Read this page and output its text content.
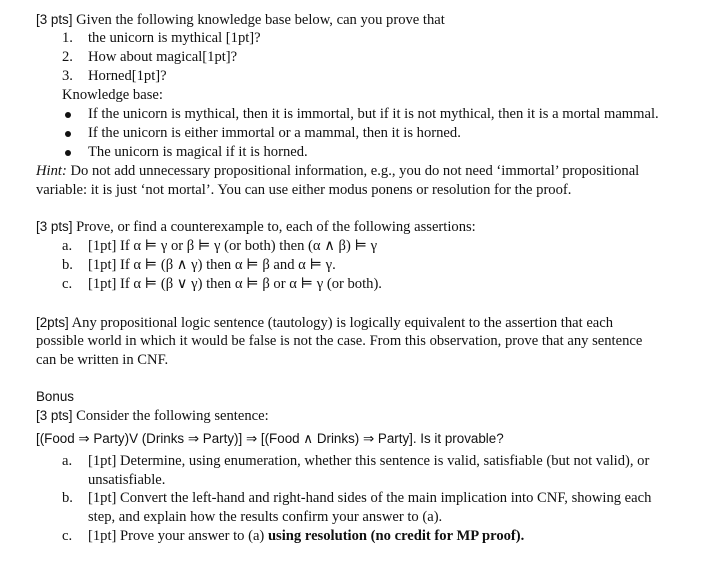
[3 pts] Given the following knowledge base below, can you prove that
1. the unicorn is mythical [1pt]?
2. How about magical[1pt]?
3. Horned[1pt]?
Knowledge base:
If the unicorn is mythical, then it is immortal, but if it is not mythical, then it is a mortal mammal.
If the unicorn is either immortal or a mammal, then it is horned.
The unicorn is magical if it is horned.
Hint: Do not add unnecessary propositional information, e.g., you do not need ‘immortal’ propositional
variable: it is just ‘not mortal’. You can use either modus ponens or resolution for the proof.
[3 pts] Prove, or find a counterexample to, each of the following assertions:
a. [1pt] If α ⊨ γ or β ⊨ γ (or both) then (α ∧ β) ⊨ γ
b. [1pt] If α ⊨ (β ∧ γ) then α ⊨ β and α ⊨ γ.
c. [1pt] If α ⊨ (β ∨ γ) then α ⊨ β or α ⊨ γ (or both).
[2pts] Any propositional logic sentence (tautology) is logically equivalent to the assertion that each
possible world in which it would be false is not the case. From this observation, prove that any sentence
can be written in CNF.
Bonus
[3 pts] Consider the following sentence:
[(Food ⇒ Party)V (Drinks ⇒ Party)] ⇒ [(Food ∧ Drinks) ⇒ Party]. Is it provable?
a. [1pt] Determine, using enumeration, whether this sentence is valid, satisfiable (but not valid), or
unsatisfiable.
b. [1pt] Convert the left-hand and right-hand sides of the main implication into CNF, showing each
step, and explain how the results confirm your answer to (a).
c. [1pt] Prove your answer to (a) using resolution (no credit for MP proof).
